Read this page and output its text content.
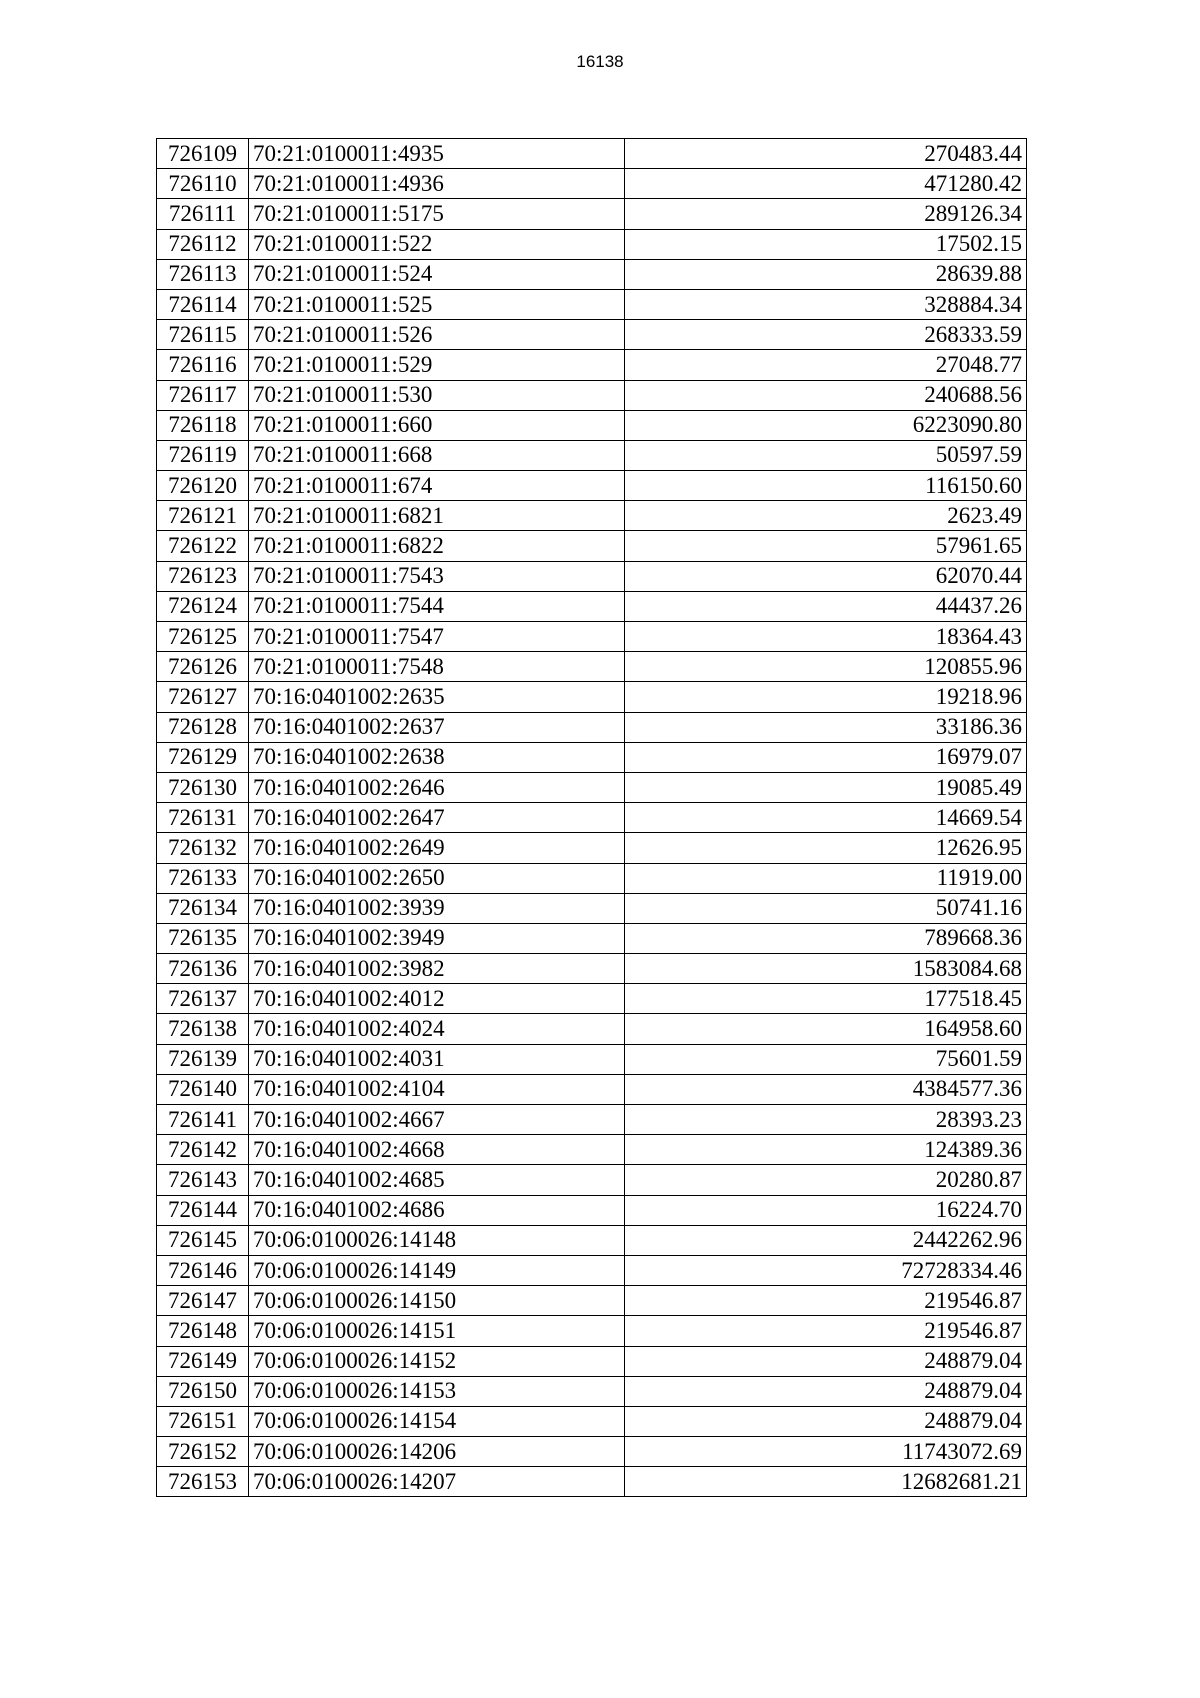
16138
726109	70:21:0100011:4935	270483.44
726110	70:21:0100011:4936	471280.42
726111	70:21:0100011:5175	289126.34
726112	70:21:0100011:522	17502.15
726113	70:21:0100011:524	28639.88
726114	70:21:0100011:525	328884.34
726115	70:21:0100011:526	268333.59
726116	70:21:0100011:529	27048.77
726117	70:21:0100011:530	240688.56
726118	70:21:0100011:660	6223090.80
726119	70:21:0100011:668	50597.59
726120	70:21:0100011:674	116150.60
726121	70:21:0100011:6821	2623.49
726122	70:21:0100011:6822	57961.65
726123	70:21:0100011:7543	62070.44
726124	70:21:0100011:7544	44437.26
726125	70:21:0100011:7547	18364.43
726126	70:21:0100011:7548	120855.96
726127	70:16:0401002:2635	19218.96
726128	70:16:0401002:2637	33186.36
726129	70:16:0401002:2638	16979.07
726130	70:16:0401002:2646	19085.49
726131	70:16:0401002:2647	14669.54
726132	70:16:0401002:2649	12626.95
726133	70:16:0401002:2650	11919.00
726134	70:16:0401002:3939	50741.16
726135	70:16:0401002:3949	789668.36
726136	70:16:0401002:3982	1583084.68
726137	70:16:0401002:4012	177518.45
726138	70:16:0401002:4024	164958.60
726139	70:16:0401002:4031	75601.59
726140	70:16:0401002:4104	4384577.36
726141	70:16:0401002:4667	28393.23
726142	70:16:0401002:4668	124389.36
726143	70:16:0401002:4685	20280.87
726144	70:16:0401002:4686	16224.70
726145	70:06:0100026:14148	2442262.96
726146	70:06:0100026:14149	72728334.46
726147	70:06:0100026:14150	219546.87
726148	70:06:0100026:14151	219546.87
726149	70:06:0100026:14152	248879.04
726150	70:06:0100026:14153	248879.04
726151	70:06:0100026:14154	248879.04
726152	70:06:0100026:14206	11743072.69
726153	70:06:0100026:14207	12682681.21
